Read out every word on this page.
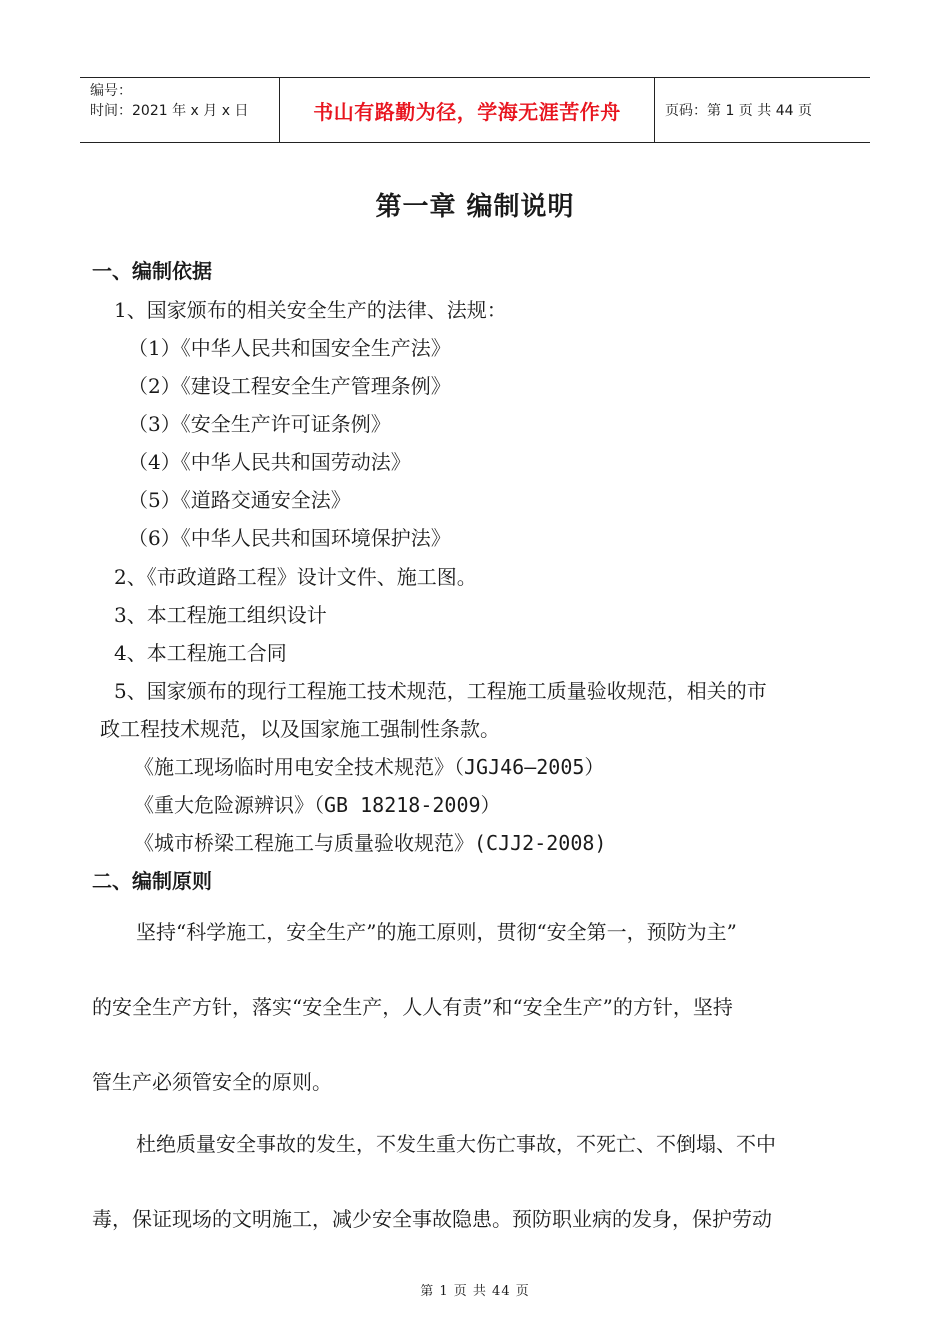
编号：
时间：2021 年 x 月 x 日	书山有路勤为径，学海无涯苦作舟	页码：第 1 页 共 44 页
第一章 编制说明
一、编制依据
1、国家颁布的相关安全生产的法律、法规：
（1）《中华人民共和国安全生产法》
（2）《建设工程安全生产管理条例》
（3）《安全生产许可证条例》
（4）《中华人民共和国劳动法》
（5）《道路交通安全法》
（6）《中华人民共和国环境保护法》
2、《市政道路工程》设计文件、施工图。
3、本工程施工组织设计
4、本工程施工合同
5、国家颁布的现行工程施工技术规范，工程施工质量验收规范，相关的市
政工程技术规范，以及国家施工强制性条款。
《施工现场临时用电安全技术规范》（JGJ46—2005）
《重大危险源辨识》（GB 18218-2009）
《城市桥梁工程施工与质量验收规范》(CJJ2-2008)
二、编制原则
坚持“科学施工，安全生产”的施工原则，贯彻“安全第一，预防为主”
的安全生产方针，落实“安全生产，人人有责”和“安全生产”的方针，坚持
管生产必须管安全的原则。
杜绝质量安全事故的发生，不发生重大伤亡事故，不死亡、不倒塌、不中
毒，保证现场的文明施工，减少安全事故隐患。预防职业病的发身，保护劳动
第 1 页 共 44 页
